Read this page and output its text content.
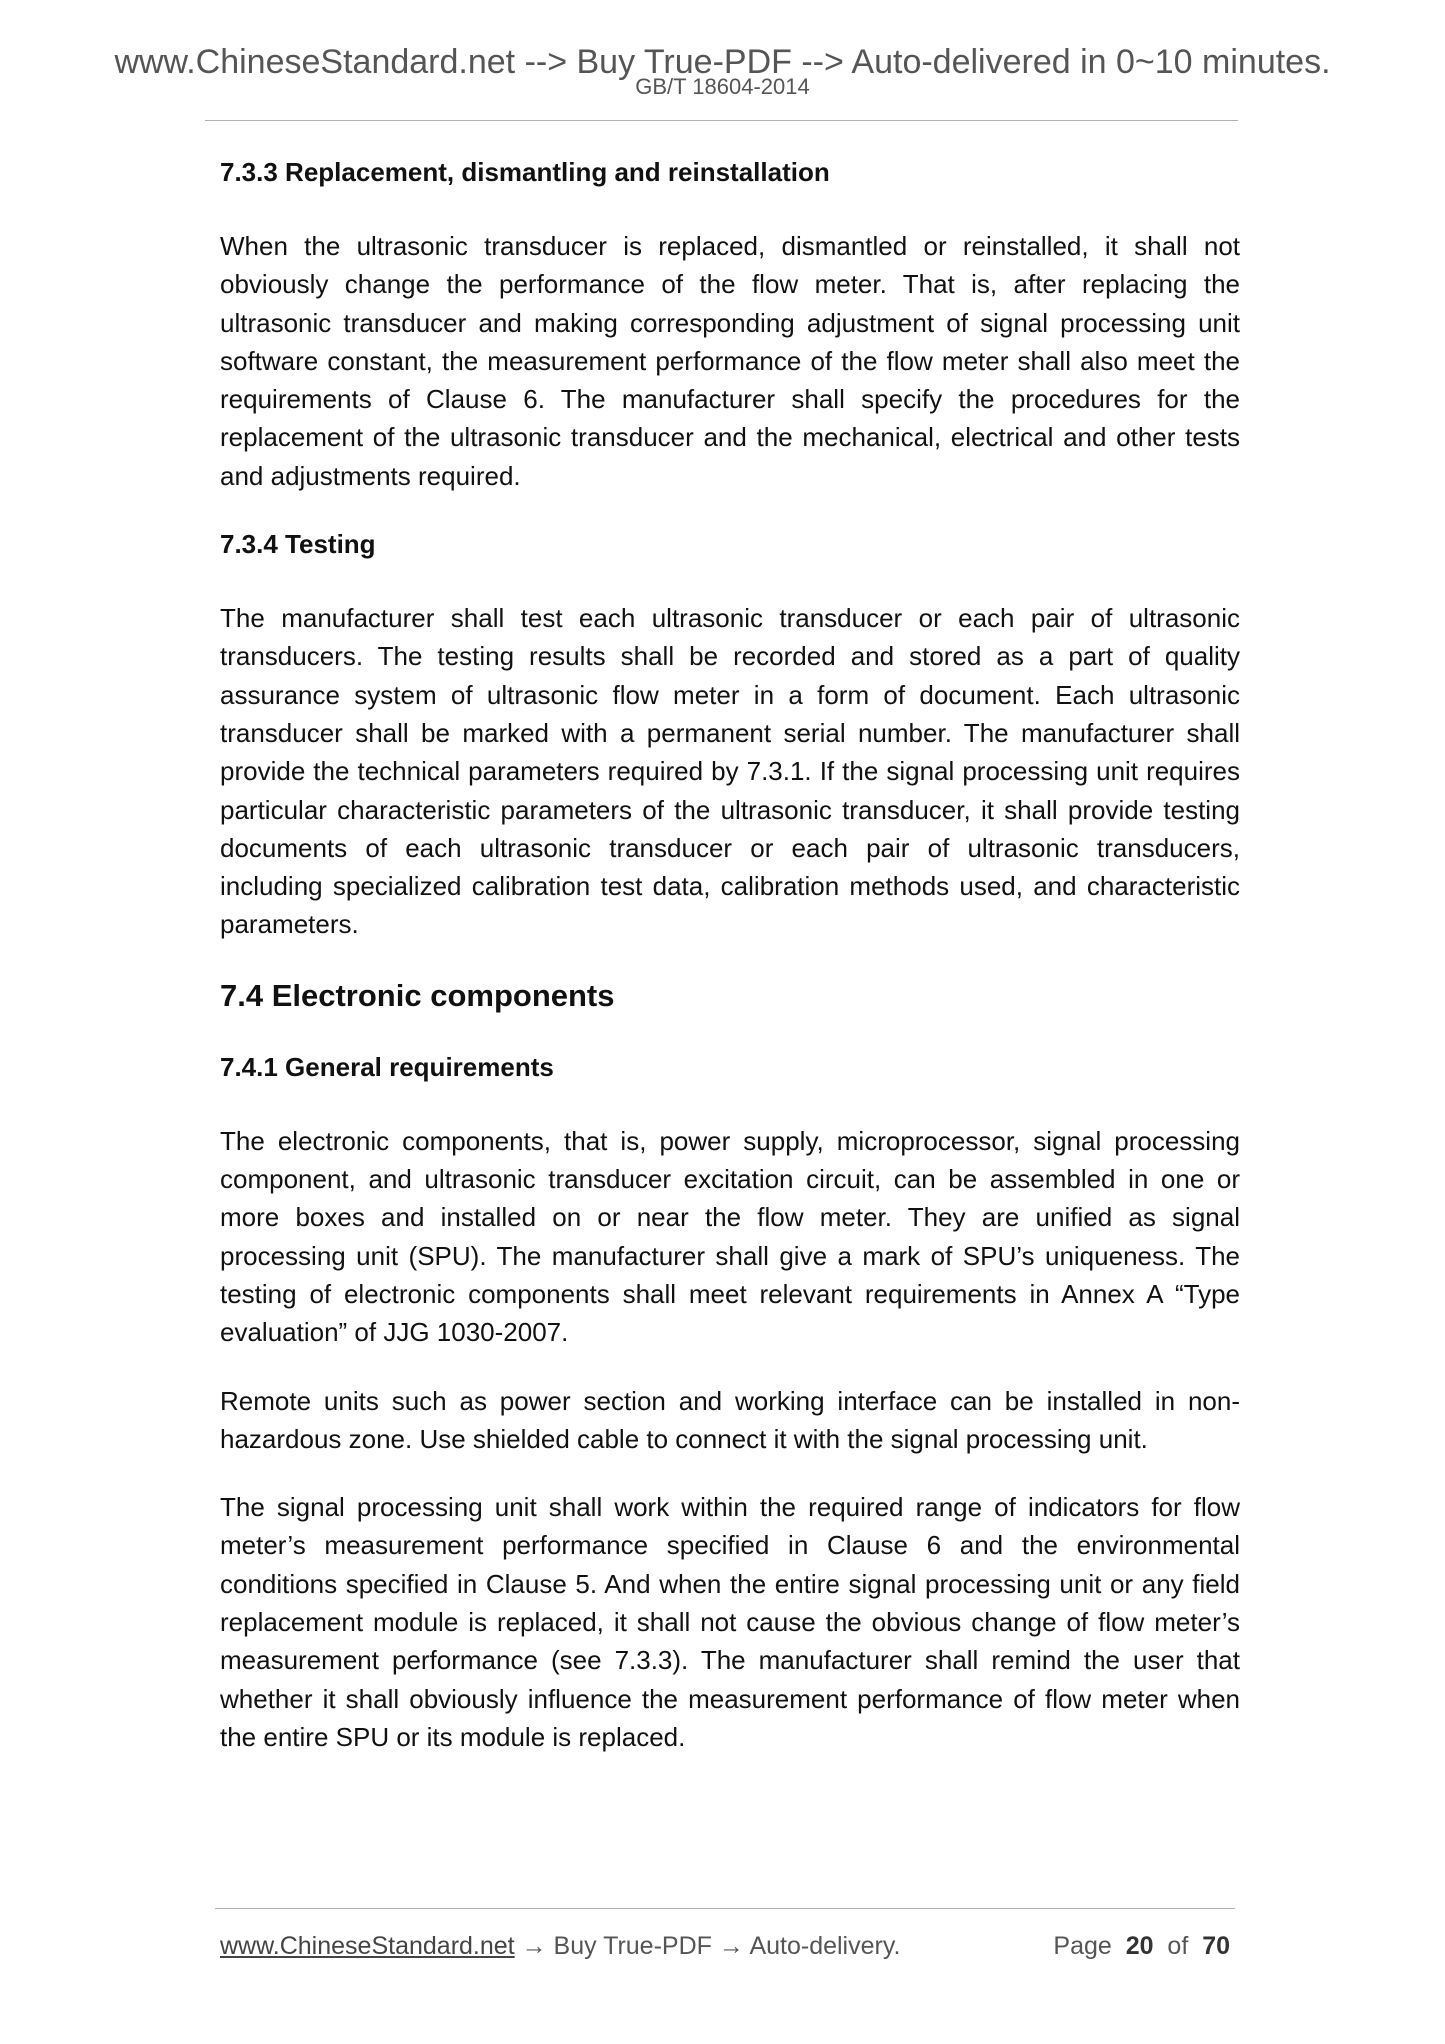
www.ChineseStandard.net --> Buy True-PDF --> Auto-delivered in 0~10 minutes.
GB/T 18604-2014
7.3.3 Replacement, dismantling and reinstallation

When the ultrasonic transducer is replaced, dismantled or reinstalled, it shall not obviously change the performance of the flow meter. That is, after replacing the ultrasonic transducer and making corresponding adjustment of signal processing unit software constant, the measurement performance of the flow meter shall also meet the requirements of Clause 6. The manufacturer shall specify the procedures for the replacement of the ultrasonic transducer and the mechanical, electrical and other tests and adjustments required.

7.3.4 Testing

The manufacturer shall test each ultrasonic transducer or each pair of ultrasonic transducers. The testing results shall be recorded and stored as a part of quality assurance system of ultrasonic flow meter in a form of document. Each ultrasonic transducer shall be marked with a permanent serial number. The manufacturer shall provide the technical parameters required by 7.3.1. If the signal processing unit requires particular characteristic parameters of the ultrasonic transducer, it shall provide testing documents of each ultrasonic transducer or each pair of ultrasonic transducers, including specialized calibration test data, calibration methods used, and characteristic parameters.

7.4 Electronic components
7.4.1 General requirements

The electronic components, that is, power supply, microprocessor, signal processing component, and ultrasonic transducer excitation circuit, can be assembled in one or more boxes and installed on or near the flow meter. They are unified as signal processing unit (SPU). The manufacturer shall give a mark of SPU’s uniqueness. The testing of electronic components shall meet relevant requirements in Annex A “Type evaluation” of JJG 1030-2007.

Remote units such as power section and working interface can be installed in non-hazardous zone. Use shielded cable to connect it with the signal processing unit.

The signal processing unit shall work within the required range of indicators for flow meter’s measurement performance specified in Clause 6 and the environmental conditions specified in Clause 5. And when the entire signal processing unit or any field replacement module is replaced, it shall not cause the obvious change of flow meter’s measurement performance (see 7.3.3). The manufacturer shall remind the user that whether it shall obviously influence the measurement performance of flow meter when the entire SPU or its module is replaced.

www.ChineseStandard.net → Buy True-PDF → Auto-delivery.	Page 20 of 70
